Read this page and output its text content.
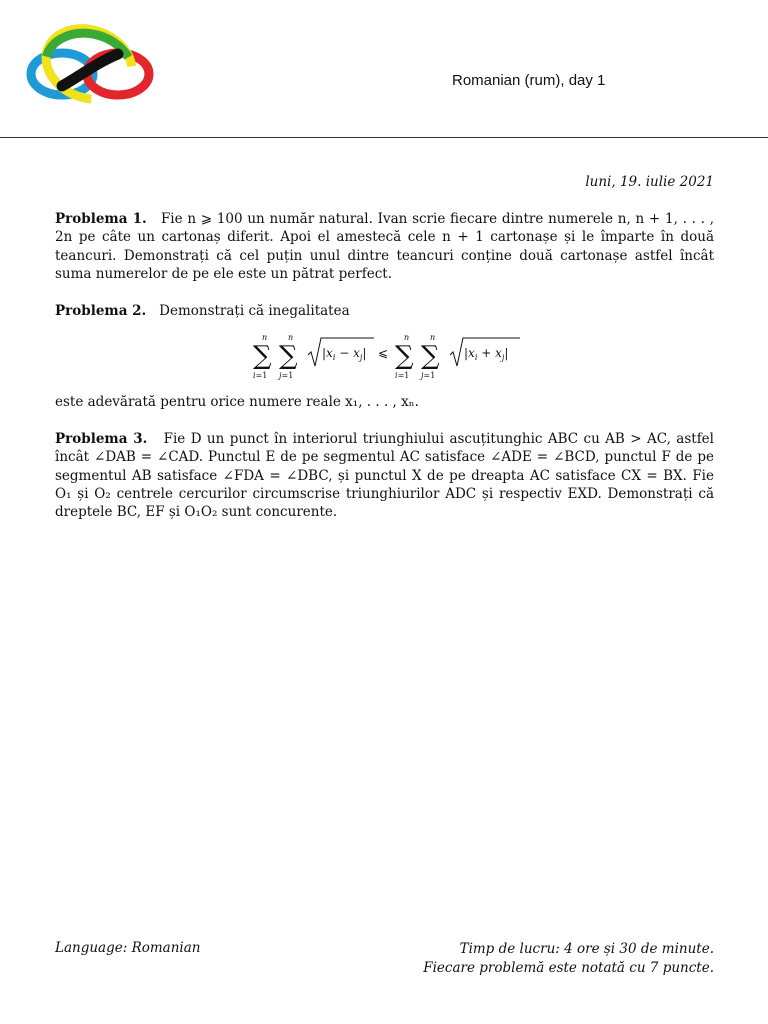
Romanian (rum), day 1
luni, 19. iulie 2021
Problema 1. Fie n ⩾ 100 un număr natural. Ivan scrie fiecare dintre numerele n, n + 1, . . . , 2n pe câte un cartonaș diferit. Apoi el amestecă cele n + 1 cartonașe și le împarte în două teancuri. Demonstrați că cel puțin unul dintre teancuri conține două cartonașe astfel încât suma numerelor de pe ele este un pătrat perfect.
Problema 2. Demonstrați că inegalitatea
n
∑
i=1
n
∑
j=1
$|x_i - x_j|$ ⩽
n
∑
i=1
n
∑
j=1
$|x_i + x_j|$
este adevărată pentru orice numere reale x₁, . . . , xₙ.
Problema 3. Fie D un punct în interiorul triunghiului ascuțitunghic ABC cu AB > AC, astfel încât ∠DAB = ∠CAD. Punctul E de pe segmentul AC satisface ∠ADE = ∠BCD, punctul F de pe segmentul AB satisface ∠FDA = ∠DBC, și punctul X de pe dreapta AC satisface CX = BX. Fie O₁ și O₂ centrele cercurilor circumscrise triunghiurilor ADC și respectiv EXD. Demonstrați că dreptele BC, EF și O₁O₂ sunt concurente.
Language: Romanian	Timp de lucru: 4 ore și 30 de minute.
Fiecare problemă este notată cu 7 puncte.
